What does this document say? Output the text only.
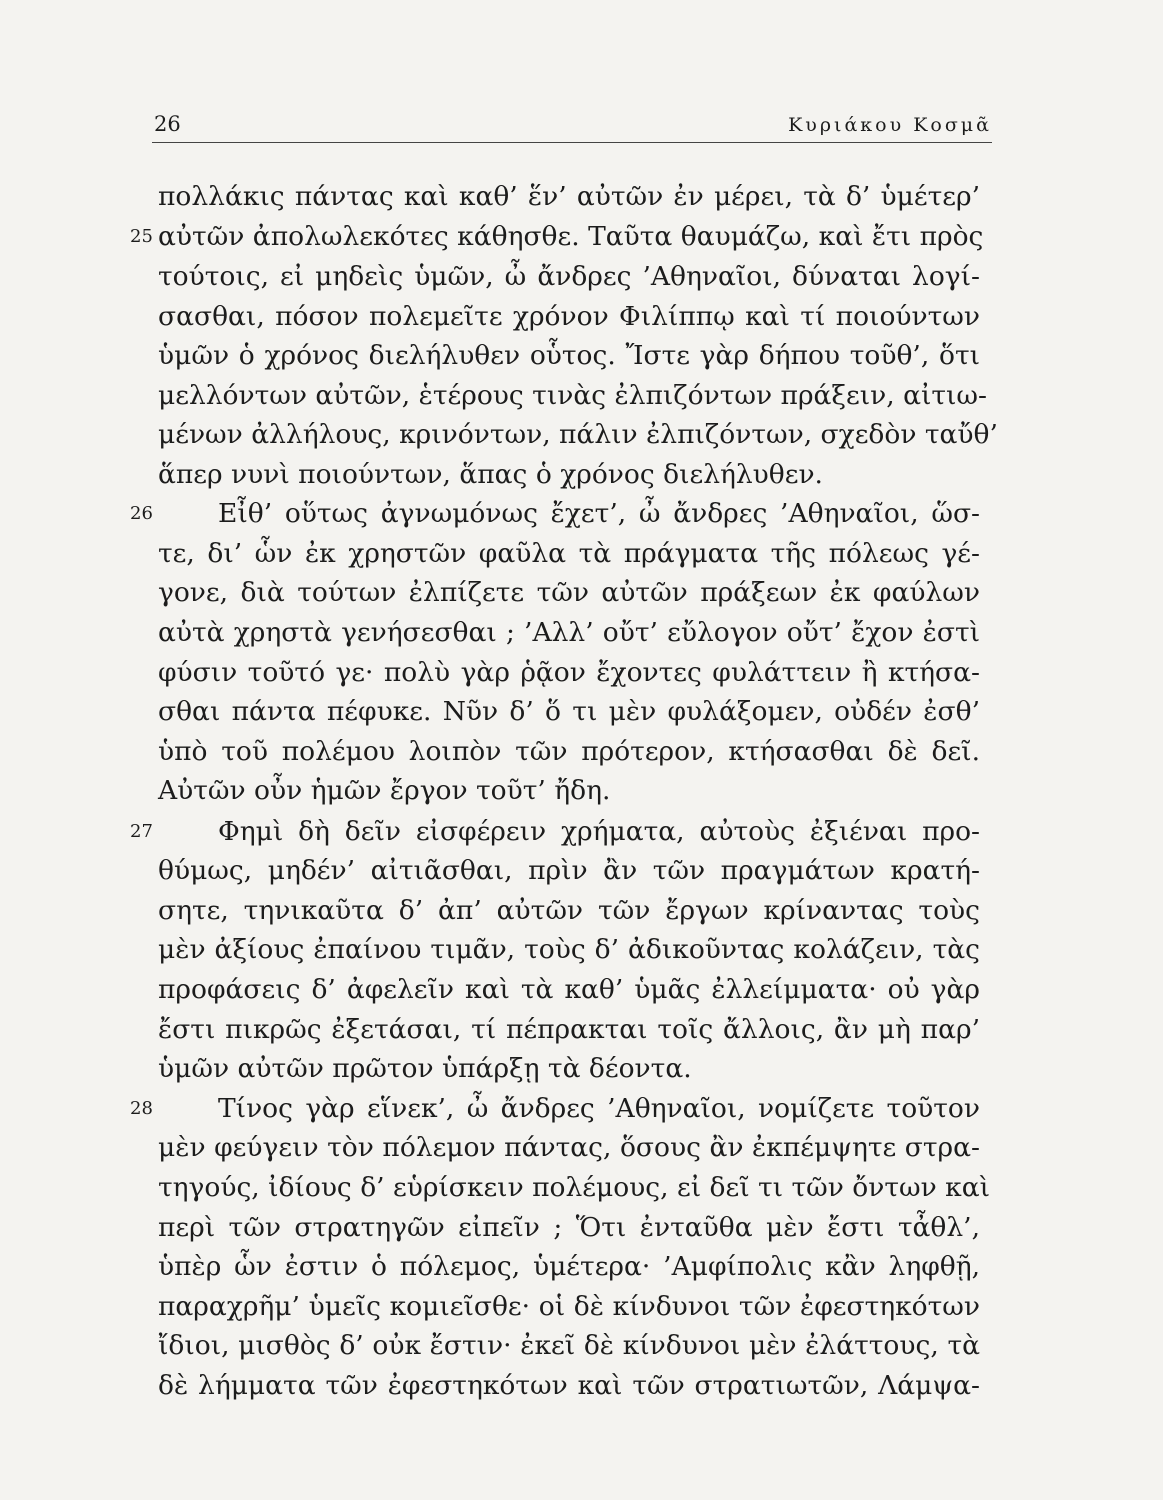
26	Κυριάκου Κοσμᾶ
25
26
27
28
πολλάκις πάντας καὶ καθ’ ἕν’ αὐτῶν ἐν μέρει, τὰ δ’ ὑμέτερ’
αὐτῶν ἀπολωλεκότες κάθησθε. Ταῦτα θαυμάζω, καὶ ἔτι πρὸς
τούτοις, εἰ μηδεὶς ὑμῶν, ὦ ἄνδρες ’Αθηναῖοι, δύναται λογί-
σασθαι, πόσον πολεμεῖτε χρόνον Φιλίππῳ καὶ τί ποιούντων
ὑμῶν ὁ χρόνος διελήλυθεν οὗτος. Ἴστε γὰρ δήπου τοῦθ’, ὅτι
μελλόντων αὐτῶν, ἑτέρους τινὰς ἐλπιζόντων πράξειν, αἰτιω-
μένων ἀλλήλους, κρινόντων, πάλιν ἐλπιζόντων, σχεδὸν ταὔθ’
ἅπερ νυνὶ ποιούντων, ἅπας ὁ χρόνος διελήλυθεν.
Εἶθ’ οὕτως ἀγνωμόνως ἔχετ’, ὦ ἄνδρες ’Αθηναῖοι, ὥσ-
τε, δι’ ὧν ἐκ χρηστῶν φαῦλα τὰ πράγματα τῆς πόλεως γέ-
γονε, διὰ τούτων ἐλπίζετε τῶν αὐτῶν πράξεων ἐκ φαύλων
αὐτὰ χρηστὰ γενήσεσθαι ; ’Αλλ’ οὔτ’ εὔλογον οὔτ’ ἔχον ἐστὶ
φύσιν τοῦτό γε· πολὺ γὰρ ῥᾷον ἔχοντες φυλάττειν ἢ κτήσα-
σθαι πάντα πέφυκε. Νῦν δ’ ὅ τι μὲν φυλάξομεν, οὐδέν ἐσθ’
ὑπὸ τοῦ πολέμου λοιπὸν τῶν πρότερον, κτήσασθαι δὲ δεῖ.
Αὐτῶν οὖν ἡμῶν ἔργον τοῦτ’ ἤδη.
Φημὶ δὴ δεῖν εἰσφέρειν χρήματα, αὐτοὺς ἐξιέναι προ-
θύμως, μηδέν’ αἰτιᾶσθαι, πρὶν ἂν τῶν πραγμάτων κρατή-
σητε, τηνικαῦτα δ’ ἀπ’ αὐτῶν τῶν ἔργων κρίναντας τοὺς
μὲν ἀξίους ἐπαίνου τιμᾶν, τοὺς δ’ ἀδικοῦντας κολάζειν, τὰς
προφάσεις δ’ ἀφελεῖν καὶ τὰ καθ’ ὑμᾶς ἐλλείμματα· οὐ γὰρ
ἔστι πικρῶς ἐξετάσαι, τί πέπρακται τοῖς ἄλλοις, ἂν μὴ παρ’
ὑμῶν αὐτῶν πρῶτον ὑπάρξῃ τὰ δέοντα.
Τίνος γὰρ εἵνεκ’, ὦ ἄνδρες ’Αθηναῖοι, νομίζετε τοῦτον
μὲν φεύγειν τὸν πόλεμον πάντας, ὅσους ἂν ἐκπέμψητε στρα-
τηγούς, ἰδίους δ’ εὑρίσκειν πολέμους, εἰ δεῖ τι τῶν ὄντων καὶ
περὶ τῶν στρατηγῶν εἰπεῖν ; Ὅτι ἐνταῦθα μὲν ἔστι τἆθλ’,
ὑπὲρ ὧν ἐστιν ὁ πόλεμος, ὑμέτερα· ’Αμφίπολις κἂν ληφθῇ,
παραχρῆμ’ ὑμεῖς κομιεῖσθε· οἱ δὲ κίνδυνοι τῶν ἐφεστηκότων
ἴδιοι, μισθὸς δ’ οὐκ ἔστιν· ἐκεῖ δὲ κίνδυνοι μὲν ἐλάττους, τὰ
δὲ λήμματα τῶν ἐφεστηκότων καὶ τῶν στρατιωτῶν, Λάμψα-
